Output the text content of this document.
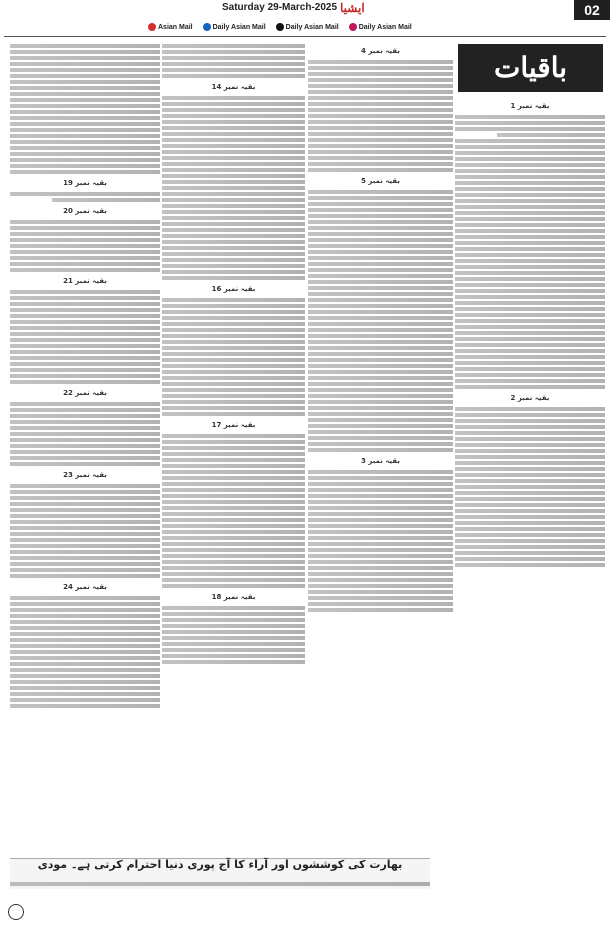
Saturday 29-March-2025 ایشیا	02
Asian Mail	Daily Asian Mail	Daily Asian Mail	Daily Asian Mail
باقیات
بقیہ نمبر 1
بقیہ نمبر 2
بقیہ نمبر 4
بقیہ نمبر 5
بقیہ نمبر 3
بقیہ نمبر 14
بقیہ نمبر 16
بقیہ نمبر 17
بقیہ نمبر 18
بقیہ نمبر 19
بقیہ نمبر 20
بقیہ نمبر 21
بقیہ نمبر 22
بقیہ نمبر 23
بقیہ نمبر 24
بھارت کی کوششوں اور آراء کا آج پوری دنیا احترام کرتی ہے۔ مودی
